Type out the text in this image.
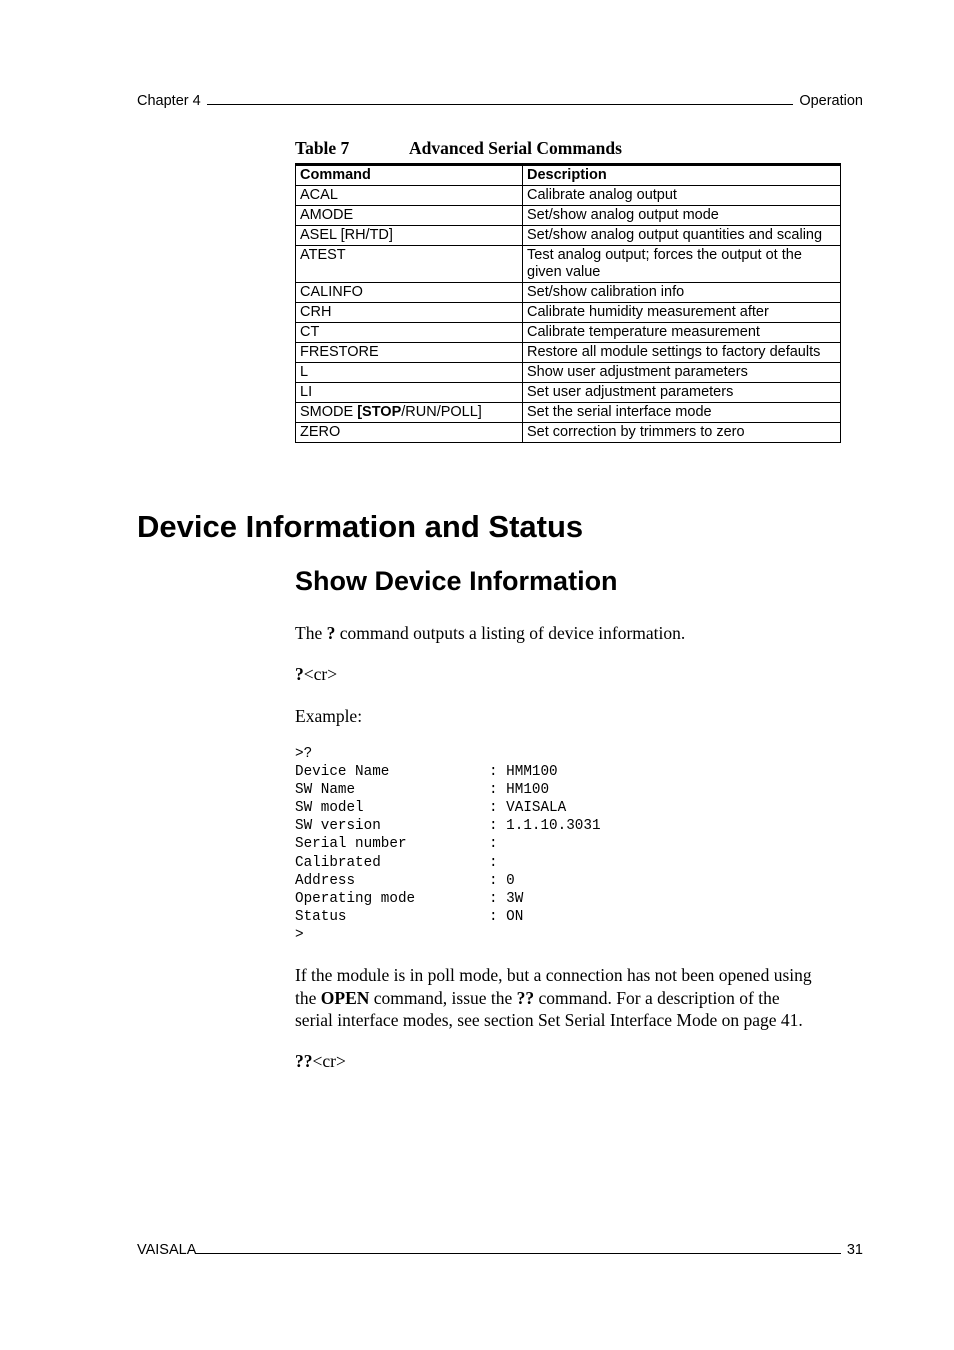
Chapter 4	Operation
Table 7	Advanced Serial Commands
Command	Description
ACAL	Calibrate analog output
AMODE	Set/show analog output mode
ASEL [RH/TD]	Set/show analog output quantities and scaling
ATEST	Test analog output; forces the output ot the given value
CALINFO	Set/show calibration info
CRH	Calibrate humidity measurement after
CT	Calibrate temperature measurement
FRESTORE	Restore all module settings to factory defaults
L	Show user adjustment parameters
LI	Set user adjustment parameters
SMODE [STOP/RUN/POLL]	Set the serial interface mode
ZERO	Set correction by trimmers to zero
Device Information and Status
Show Device Information
The ? command outputs a listing of device information.
?<cr>
Example:
>?
Device Name	: HMM100
SW Name	: HM100
SW model	: VAISALA
SW version	: 1.1.10.3031
Serial number	:
Calibrated	:
Address	: 0
Operating mode	: 3W
Status	: ON
>
If the module is in poll mode, but a connection has not been opened using
the OPEN command, issue the ?? command. For a description of the
serial interface modes, see section Set Serial Interface Mode on page 41.
??<cr>
VAISALA	31
